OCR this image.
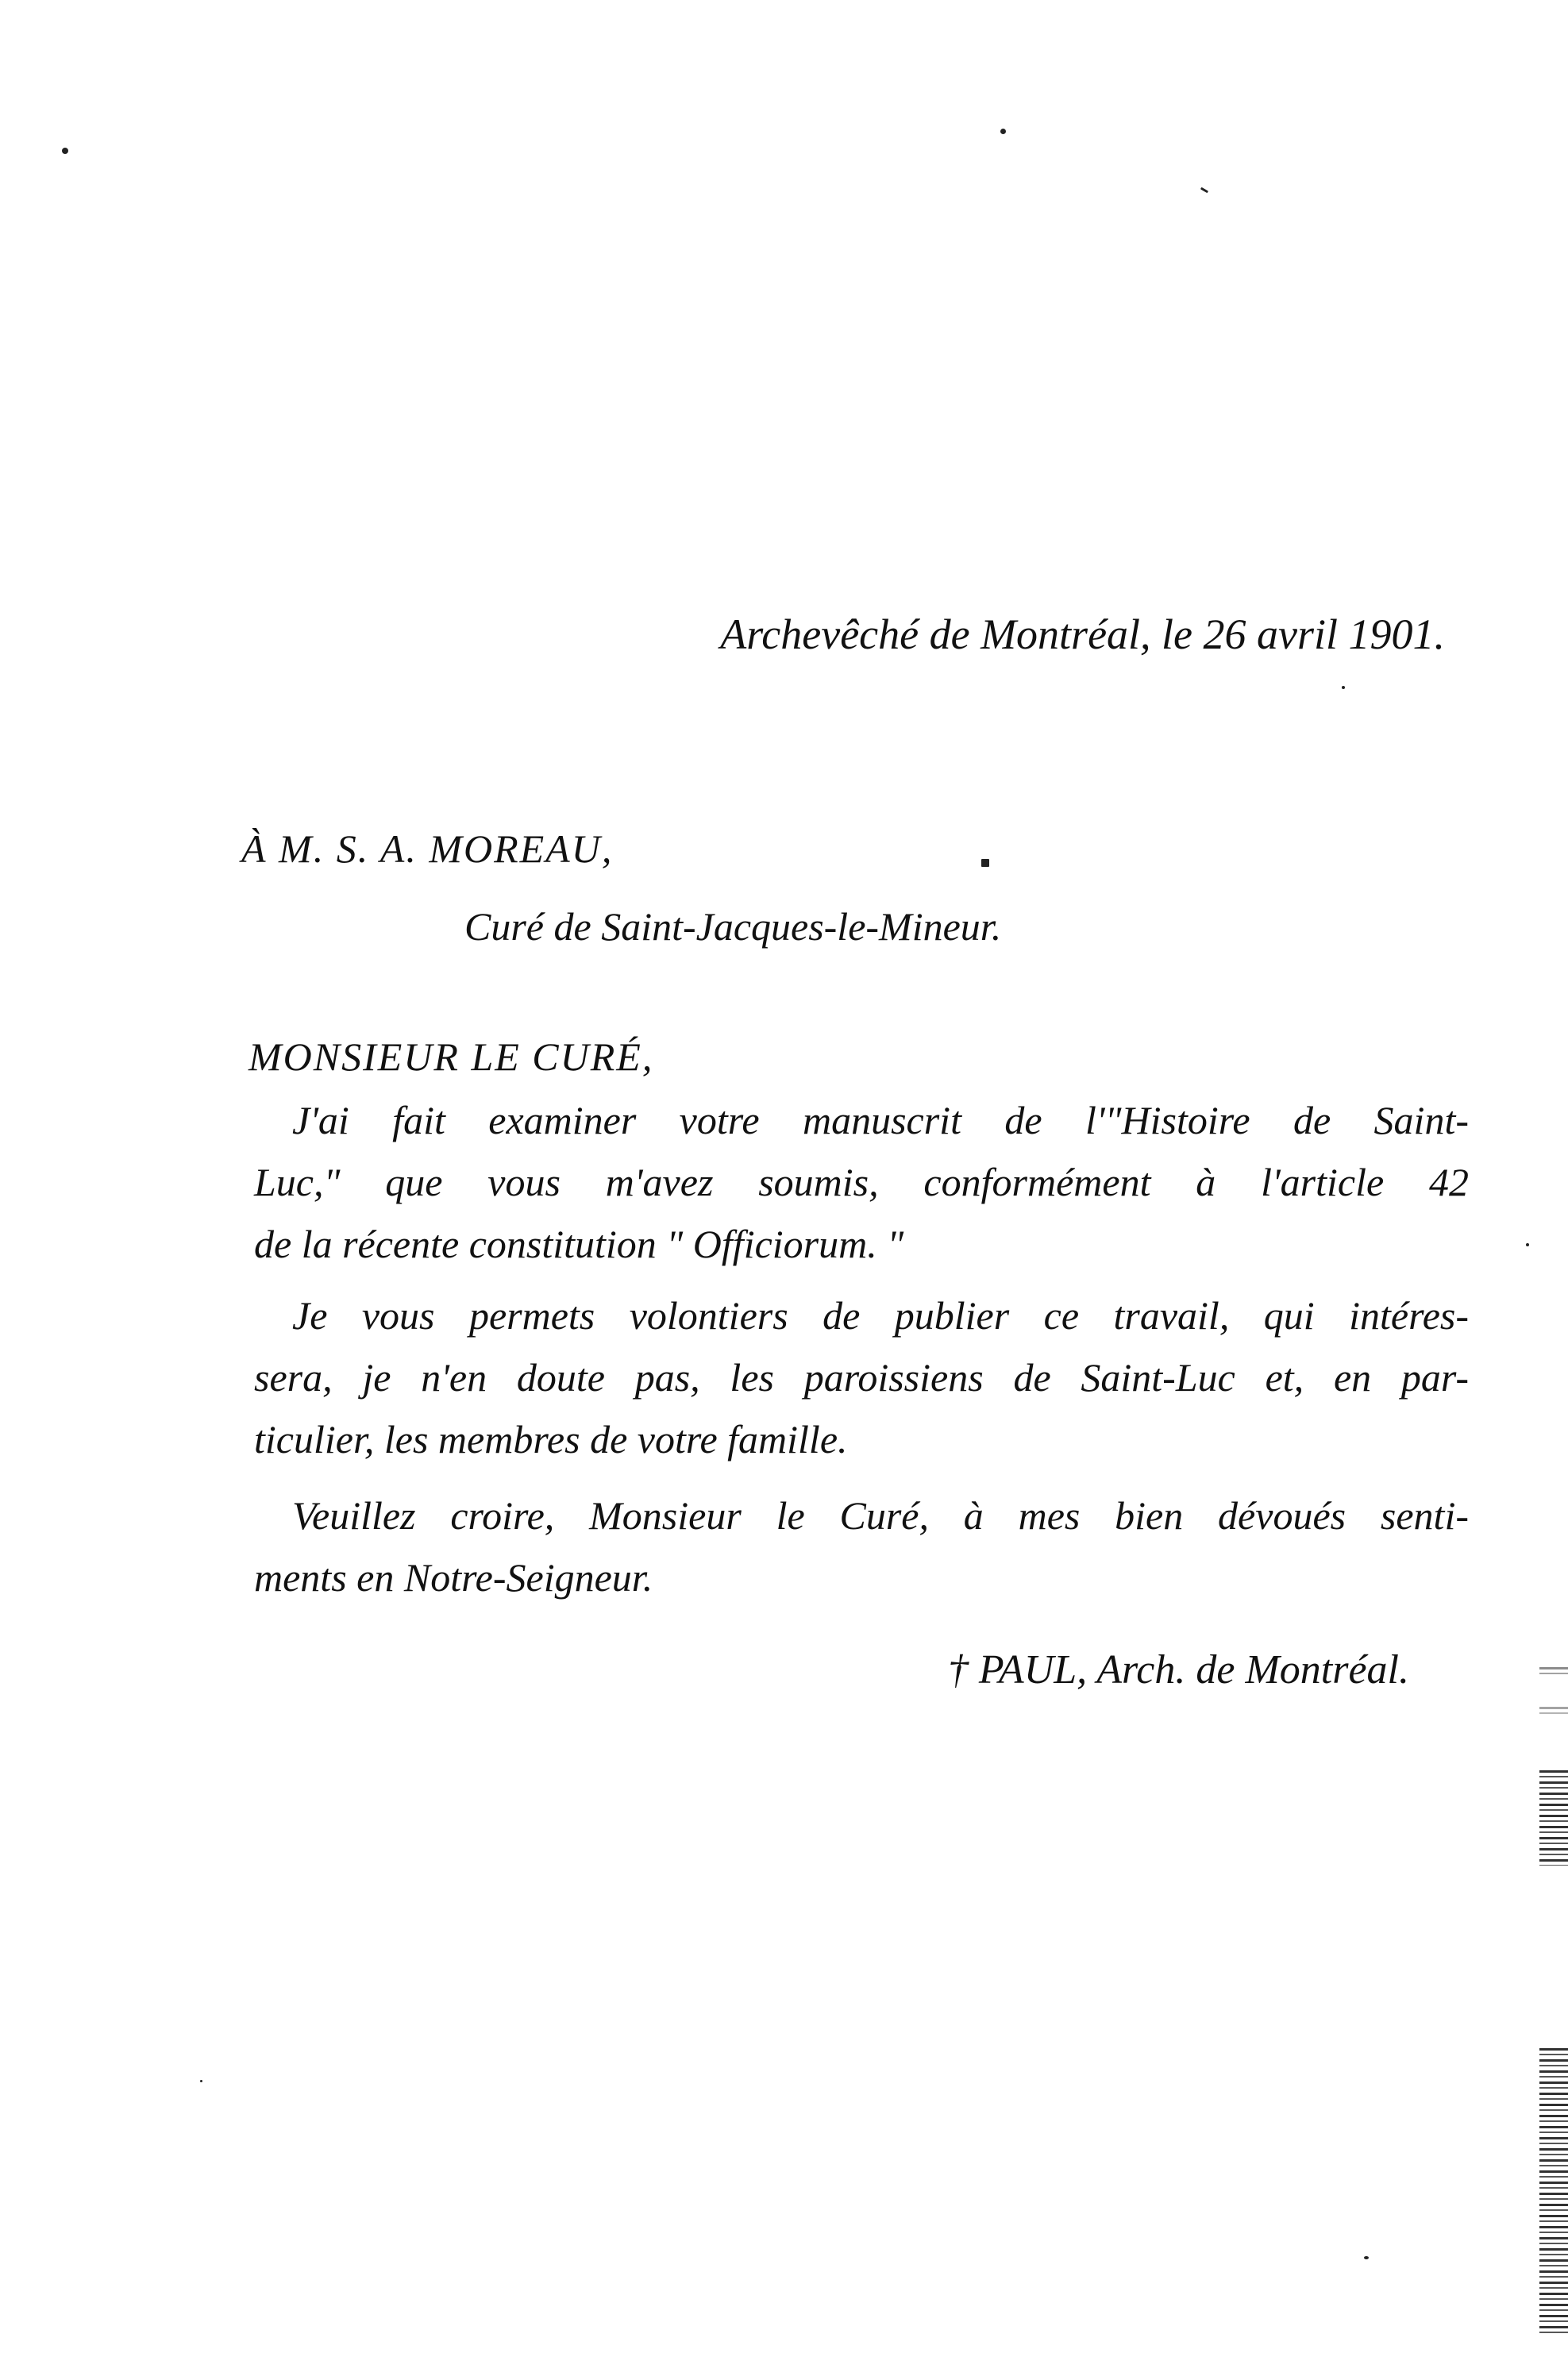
Archevêché de Montréal, le 26 avril 1901.
À M. S. A. MOREAU,
Curé de Saint-Jacques-le-Mineur.
MONSIEUR LE CURÉ,
J'ai fait examiner votre manuscrit de l'"Histoire de Saint-
Luc," que vous m'avez soumis, conformément à l'article 42
de la récente constitution " Officiorum. "
Je vous permets volontiers de publier ce travail, qui intéres-
sera, je n'en doute pas, les paroissiens de Saint-Luc et, en par-
ticulier, les membres de votre famille.
Veuillez croire, Monsieur le Curé, à mes bien dévoués senti-
ments en Notre-Seigneur.
† PAUL, Arch. de Montréal.
